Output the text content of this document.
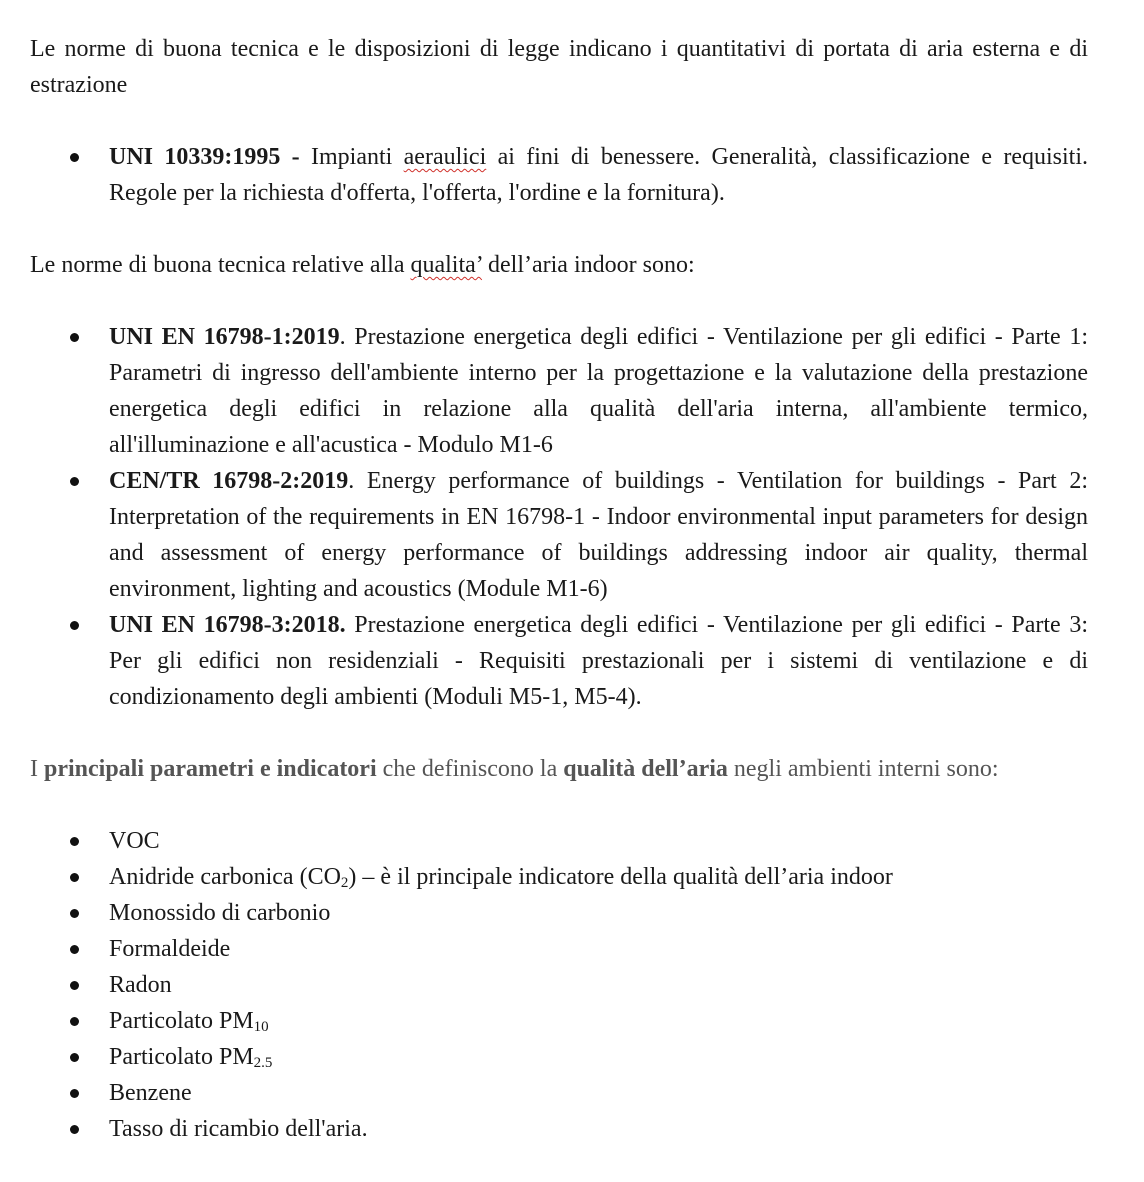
Le norme di buona tecnica e le disposizioni di legge indicano i quantitativi di portata di aria esterna e di estrazione

UNI 10339:1995 - Impianti aeraulici ai fini di benessere. Generalità, classificazione e requisiti. Regole per la richiesta d'offerta, l'offerta, l'ordine e la fornitura).

Le norme di buona tecnica relative alla qualita’ dell’aria indoor sono:

UNI EN 16798-1:2019. Prestazione energetica degli edifici - Ventilazione per gli edifici - Parte 1: Parametri di ingresso dell'ambiente interno per la progettazione e la valutazione della prestazione energetica degli edifici in relazione alla qualità dell'aria interna, all'ambiente termico, all'illuminazione e all'acustica - Modulo M1-6
CEN/TR 16798-2:2019. Energy performance of buildings - Ventilation for buildings - Part 2: Interpretation of the requirements in EN 16798-1 - Indoor environmental input parameters for design and assessment of energy performance of buildings addressing indoor air quality, thermal environment, lighting and acoustics (Module M1-6)
UNI EN 16798-3:2018. Prestazione energetica degli edifici - Ventilazione per gli edifici - Parte 3: Per gli edifici non residenziali - Requisiti prestazionali per i sistemi di ventilazione e di condizionamento degli ambienti (Moduli M5-1, M5-4).

I principali parametri e indicatori che definiscono la qualità dell’aria negli ambienti interni sono:

VOC
Anidride carbonica $(CO_2)$ – è il principale indicatore della qualità dell’aria indoor
Monossido di carbonio
Formaldeide
Radon
Particolato $PM_{10}$
Particolato $PM_{2.5}$
Benzene
Tasso di ricambio dell'aria.
